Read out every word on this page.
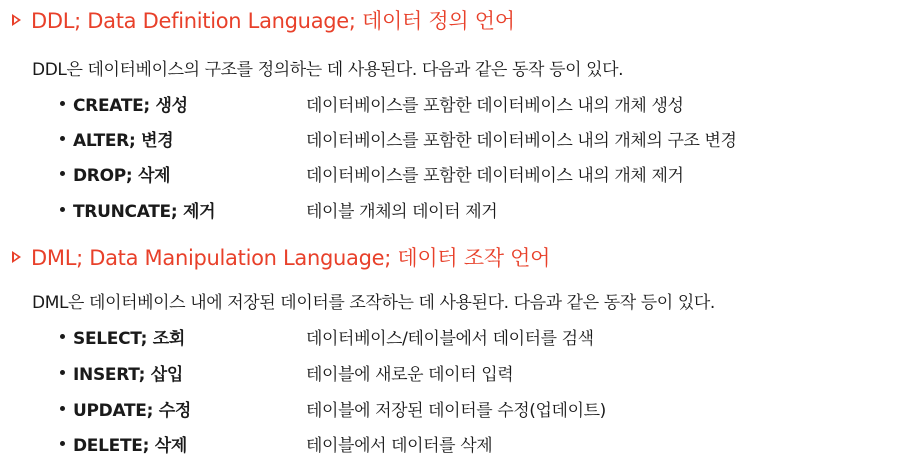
DDL; Data Definition Language; 데이터 정의 언어
DDL은 데이터베이스의 구조를 정의하는 데 사용된다. 다음과 같은 동작 등이 있다.
CREATE; 생성	데이터베이스를 포함한 데이터베이스 내의 개체 생성
ALTER; 변경	데이터베이스를 포함한 데이터베이스 내의 개체의 구조 변경
DROP; 삭제	데이터베이스를 포함한 데이터베이스 내의 개체 제거
TRUNCATE; 제거	테이블 개체의 데이터 제거
DML; Data Manipulation Language; 데이터 조작 언어
DML은 데이터베이스 내에 저장된 데이터를 조작하는 데 사용된다. 다음과 같은 동작 등이 있다.
SELECT; 조회	데이터베이스/테이블에서 데이터를 검색
INSERT; 삽입	테이블에 새로운 데이터 입력
UPDATE; 수정	테이블에 저장된 데이터를 수정(업데이트)
DELETE; 삭제	테이블에서 데이터를 삭제
